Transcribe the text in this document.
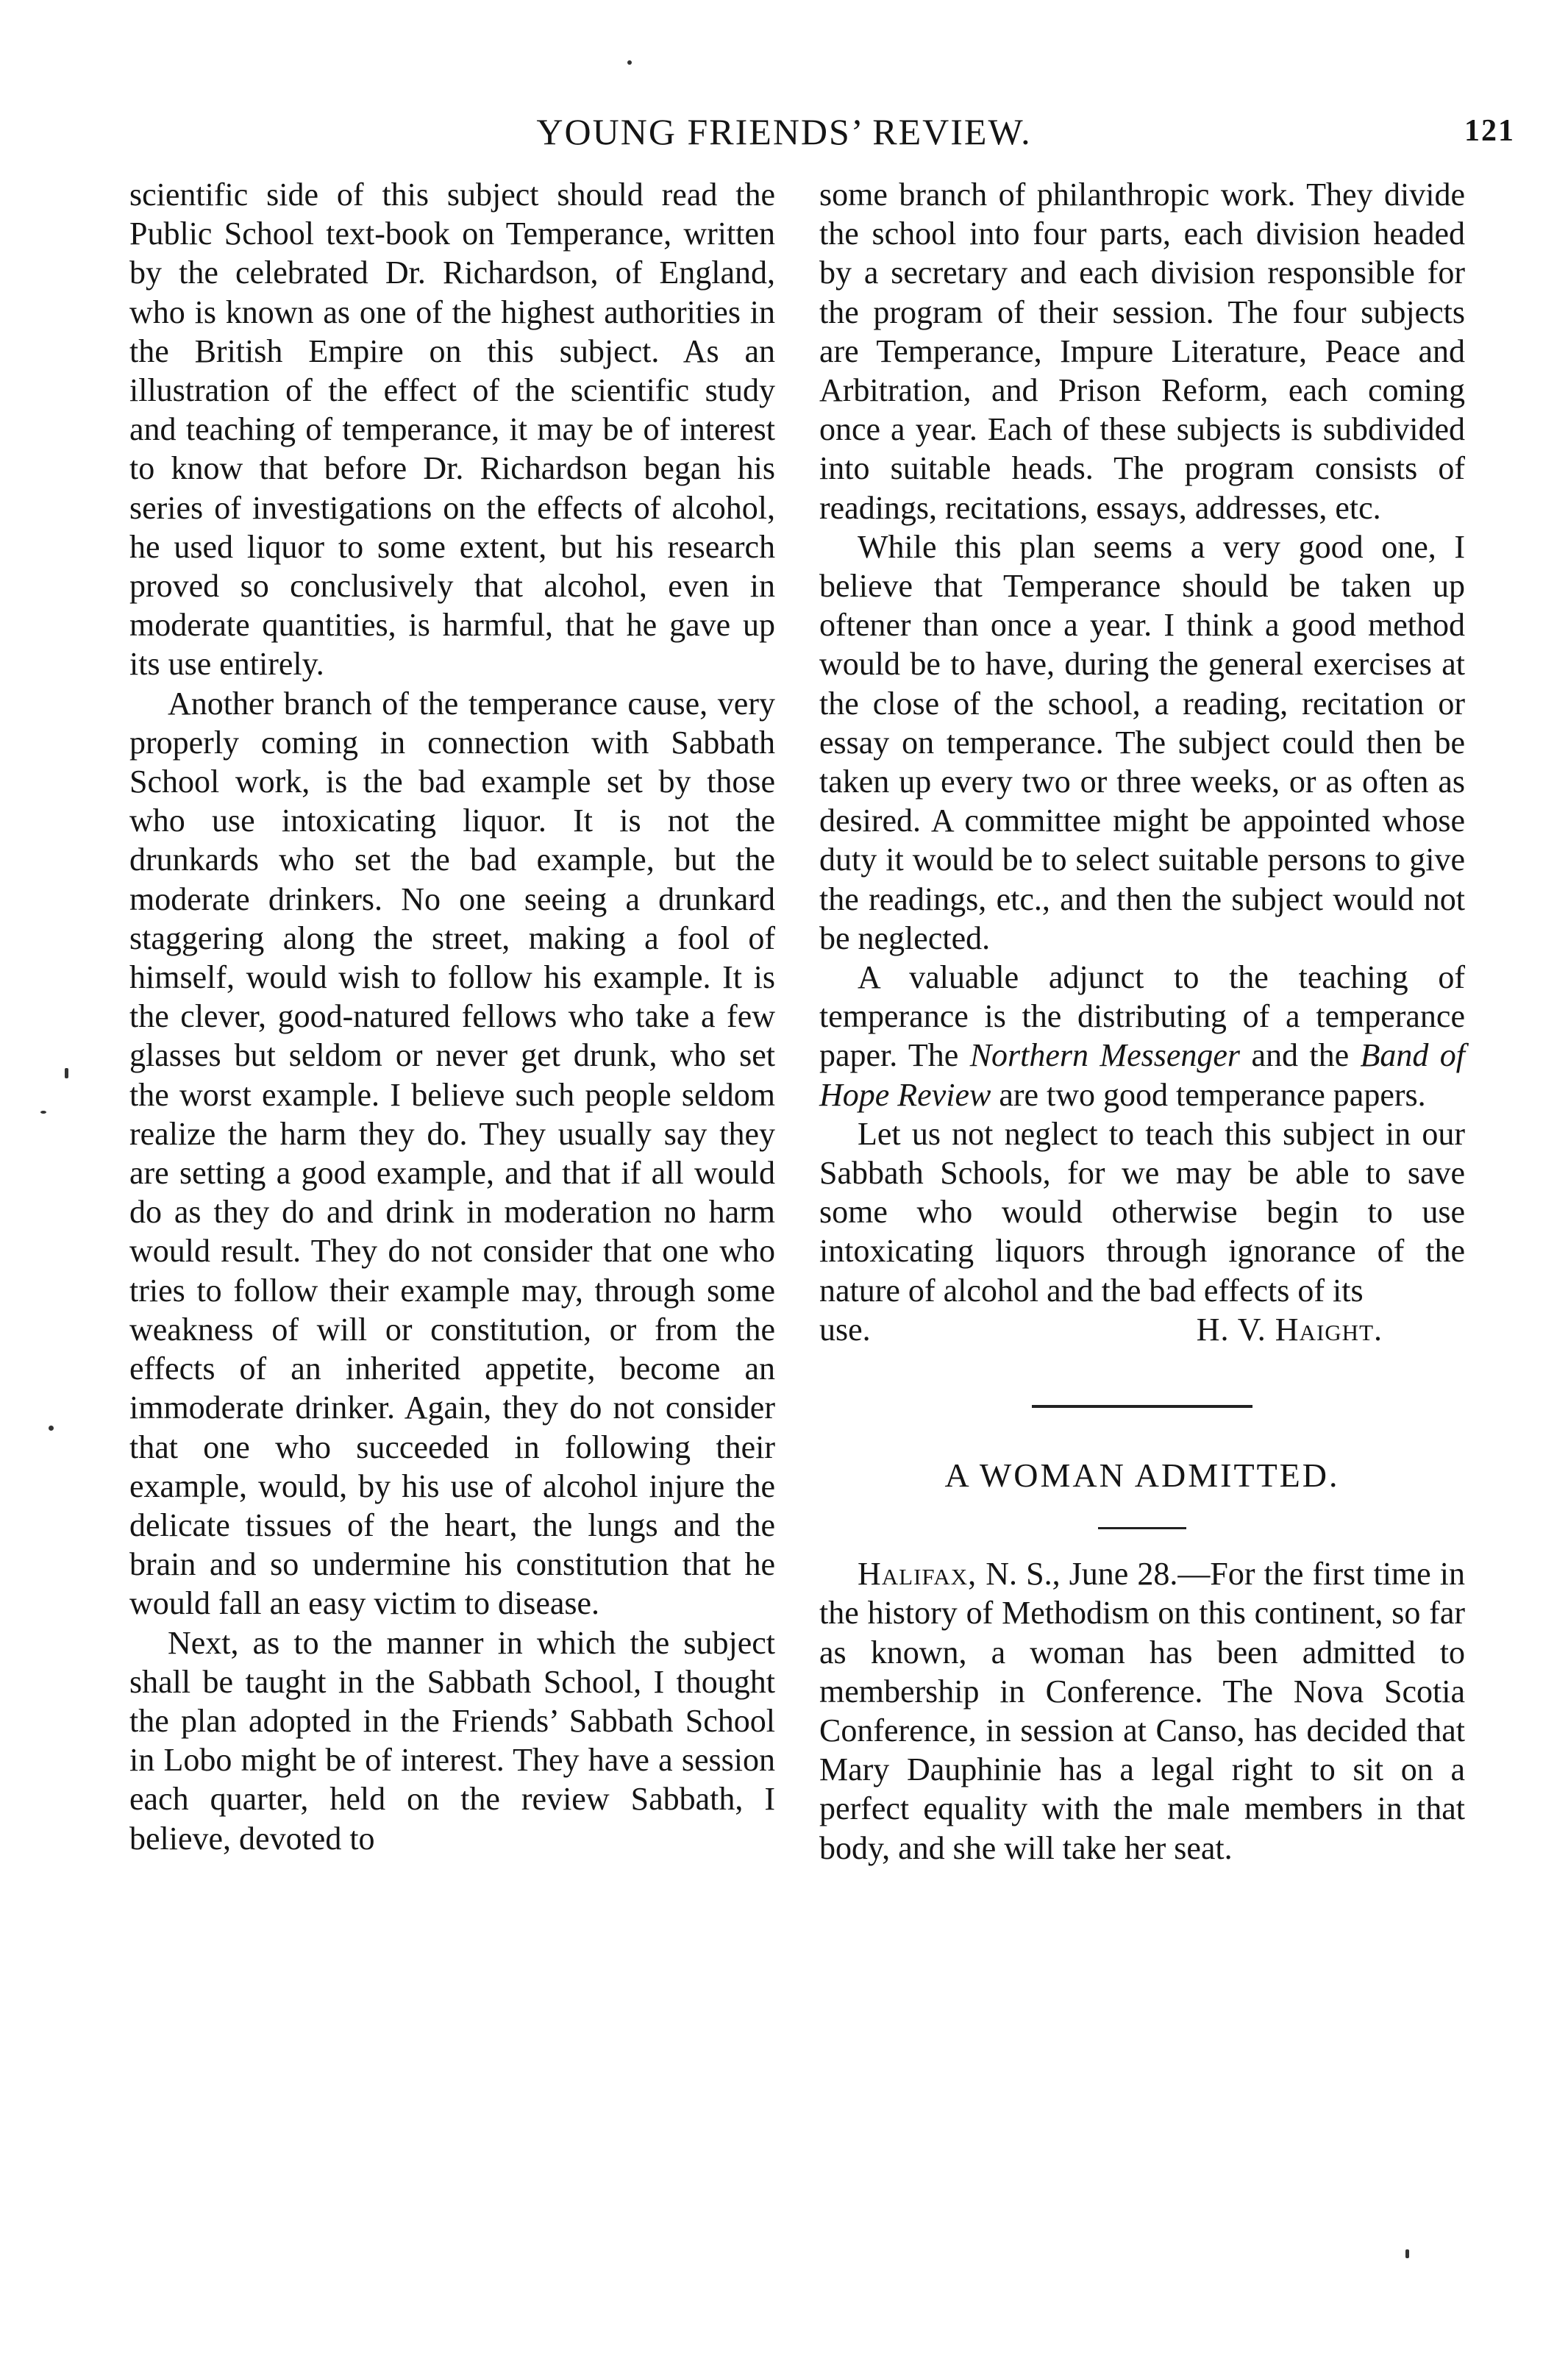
YOUNG FRIENDS’ REVIEW.	121

scientific side of this subject should read the Public School text-book on Temperance, written by the celebrated Dr. Richardson, of England, who is known as one of the highest authorities in the British Empire on this subject. As an illustration of the effect of the scientific study and teaching of temperance, it may be of interest to know that before Dr. Richardson began his series of investigations on the effects of alcohol, he used liquor to some extent, but his research proved so conclusively that alcohol, even in moderate quantities, is harmful, that he gave up its use entirely.

Another branch of the temperance cause, very properly coming in connection with Sabbath School work, is the bad example set by those who use intoxicating liquor. It is not the drunkards who set the bad example, but the moderate drinkers. No one seeing a drunkard staggering along the street, making a fool of himself, would wish to follow his example. It is the clever, good-natured fellows who take a few glasses but seldom or never get drunk, who set the worst example. I believe such people seldom realize the harm they do. They usually say they are setting a good example, and that if all would do as they do and drink in moderation no harm would result. They do not consider that one who tries to follow their example may, through some weakness of will or constitution, or from the effects of an inherited appetite, become an immoderate drinker. Again, they do not consider that one who succeeded in following their example, would, by his use of alcohol injure the delicate tissues of the heart, the lungs and the brain and so undermine his constitution that he would fall an easy victim to disease.

Next, as to the manner in which the subject shall be taught in the Sabbath School, I thought the plan adopted in the Friends’ Sabbath School in Lobo might be of interest. They have a session each quarter, held on the review Sabbath, I believe, devoted to

some branch of philanthropic work. They divide the school into four parts, each division headed by a secretary and each division responsible for the program of their session. The four subjects are Temperance, Impure Literature, Peace and Arbitration, and Prison Reform, each coming once a year. Each of these subjects is subdivided into suitable heads. The program consists of readings, recitations, essays, addresses, etc.

While this plan seems a very good one, I believe that Temperance should be taken up oftener than once a year. I think a good method would be to have, during the general exercises at the close of the school, a reading, recitation or essay on temperance. The subject could then be taken up every two or three weeks, or as often as desired. A committee might be appointed whose duty it would be to select suitable persons to give the readings, etc., and then the subject would not be neglected.

A valuable adjunct to the teaching of temperance is the distributing of a temperance paper. The Northern Messenger and the Band of Hope Review are two good temperance papers.

Let us not neglect to teach this subject in our Sabbath Schools, for we may be able to save some who would otherwise begin to use intoxicating liquors through ignorance of the nature of alcohol and the bad effects of its

use.	H. V. Haight.
A WOMAN ADMITTED.

Halifax, N. S., June 28.—For the first time in the history of Methodism on this continent, so far as known, a woman has been admitted to membership in Conference. The Nova Scotia Conference, in session at Canso, has decided that Mary Dauphinie has a legal right to sit on a perfect equality with the male members in that body, and she will take her seat.
